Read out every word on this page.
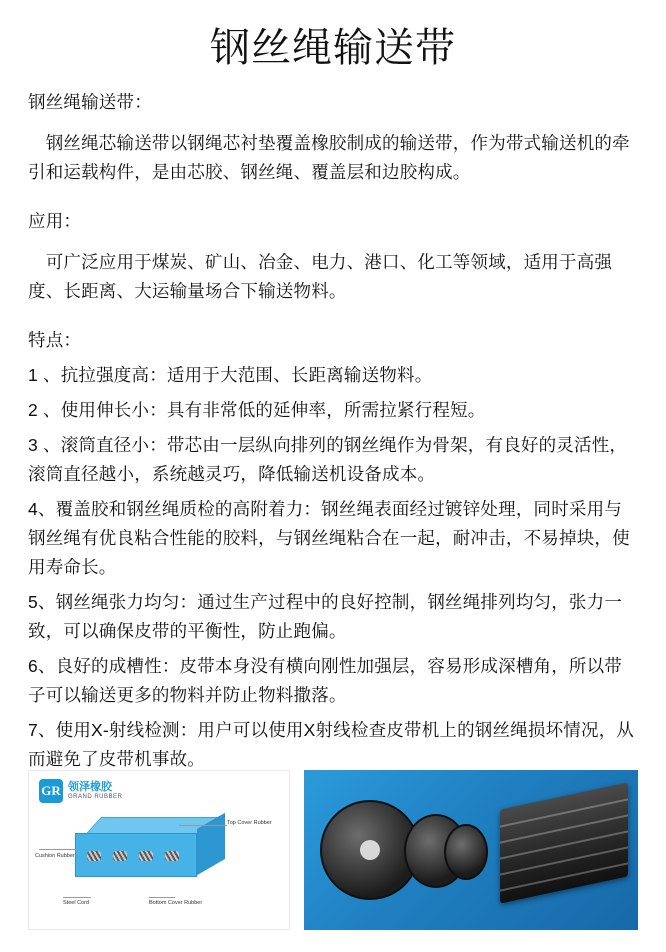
钢丝绳输送带

钢丝绳输送带：

　钢丝绳芯输送带以钢绳芯衬垫覆盖橡胶制成的输送带，作为带式输送机的牵引和运载构件，是由芯胶、钢丝绳、覆盖层和边胶构成。

应用：

　可广泛应用于煤炭、矿山、冶金、电力、港口、化工等领域，适用于高强度、长距离、大运输量场合下输送物料。

特点：

1 、抗拉强度高：适用于大范围、长距离输送物料。

2 、使用伸长小：具有非常低的延伸率，所需拉紧行程短。

3 、滚筒直径小：带芯由一层纵向排列的钢丝绳作为骨架，有良好的灵活性，滚筒直径越小，系统越灵巧，降低输送机设备成本。

4、覆盖胶和钢丝绳质检的高附着力：钢丝绳表面经过镀锌处理，同时采用与钢丝绳有优良粘合性能的胶料，与钢丝绳粘合在一起，耐冲击，不易掉块，使用寿命长。

5、钢丝绳张力均匀：通过生产过程中的良好控制，钢丝绳排列均匀，张力一致，可以确保皮带的平衡性，防止跑偏。

6、良好的成槽性：皮带本身没有横向刚性加强层，容易形成深槽角，所以带子可以输送更多的物料并防止物料撒落。

7、使用X-射线检测：用户可以使用X射线检查皮带机上的钢丝绳损坏情况，从而避免了皮带机事故。

GR 领泽橡胶
GRAND RUBBER
Top Cover Rubber
Cushion Rubber
Steel Cord	Bottom Cover Rubber
